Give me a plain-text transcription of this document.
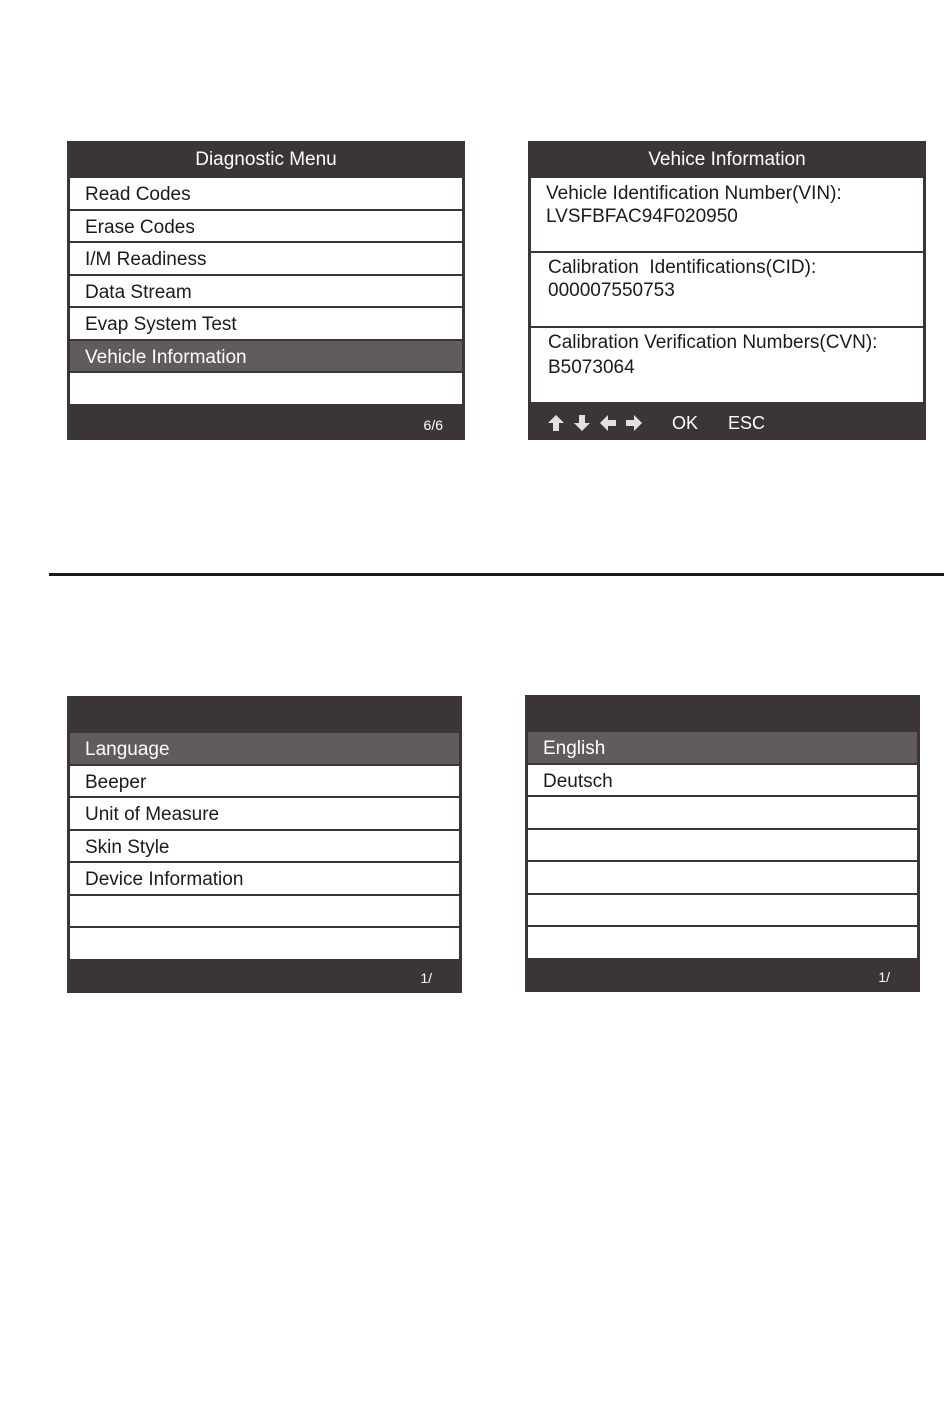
Diagnostic Menu
Read Codes
Erase Codes
I/M Readiness
Data Stream
Evap System Test
Vehicle Information
6/6
Vehice Information
Vehicle Identification Number(VIN):
LVSFBFAC94F020950
Calibration  Identifications(CID):
000007550753
Calibration Verification Numbers(CVN):
B5073064
OK ESC
Language
Beeper
Unit of Measure
Skin Style
Device Information
1/
English
Deutsch
1/
